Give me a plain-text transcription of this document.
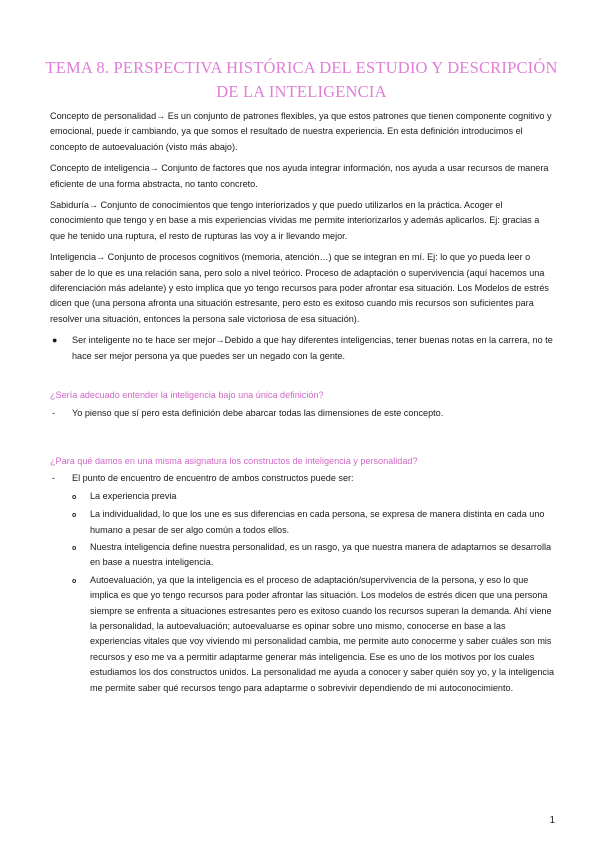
TEMA 8. PERSPECTIVA HISTÓRICA DEL ESTUDIO Y DESCRIPCIÓN DE LA INTELIGENCIA

Concepto de personalidad→ Es un conjunto de patrones flexibles, ya que estos patrones que tienen componente cognitivo y emocional, puede ir cambiando, ya que somos el resultado de nuestra experiencia. En esta definición introducimos el concepto de autoevaluación (visto más abajo).

Concepto de inteligencia→ Conjunto de factores que nos ayuda integrar información, nos ayuda a usar recursos de manera eficiente de una forma abstracta, no tanto concreto.

Sabiduría→ Conjunto de conocimientos que tengo interiorizados y que puedo utilizarlos en la práctica. Acoger el conocimiento que tengo y en base a mis experiencias vividas me permite interiorizarlos y además aplicarlos. Ej: gracias a que he tenido una ruptura, el resto de rupturas las voy a ir llevando mejor.

Inteligencia→ Conjunto de procesos cognitivos (memoria, atención…) que se integran en mí. Ej: lo que yo pueda leer o saber de lo que es una relación sana, pero solo a nivel teórico. Proceso de adaptación o supervivencia (aquí hacemos una diferenciación más adelante) y esto implica que yo tengo recursos para poder afrontar esa situación. Los Modelos de estrés dicen que (una persona afronta una situación estresante, pero esto es exitoso cuando mis recursos son suficientes para resolver una situación, entonces la persona sale victoriosa de esa situación).

●	Ser inteligente no te hace ser mejor→Debido a que hay diferentes inteligencias, tener buenas notas en la carrera, no te hace ser mejor persona ya que puedes ser un negado con la gente.

¿Sería adecuado entender la inteligencia bajo una única definición?

-	Yo pienso que sí pero esta definición debe abarcar todas las dimensiones de este concepto.

¿Para qué damos en una misma asignatura los constructos de inteligencia y personalidad?

-	El punto de encuentro de encuentro de ambos constructos puede ser:
o	La experiencia previa
o	La individualidad, lo que los une es sus diferencias en cada persona, se expresa de manera distinta en cada uno humano a pesar de ser algo común a todos ellos.
o	Nuestra inteligencia define nuestra personalidad, es un rasgo, ya que nuestra manera de adaptarnos se desarrolla en base a nuestra inteligencia.
o	Autoevaluación, ya que la inteligencia es el proceso de adaptación/supervivencia de la persona, y eso lo que implica es que yo tengo recursos para poder afrontar las situación. Los modelos de estrés dicen que una persona siempre se enfrenta a situaciones estresantes pero es exitoso cuando los recursos superan la demanda. Ahí viene la personalidad, la autoevaluación; autoevaluarse es opinar sobre uno mismo, conocerse en base a las experiencias vitales que voy viviendo mi personalidad cambia, me permite auto conocerme y saber cuáles son mis recursos y eso me va a permitir adaptarme generar más inteligencia. Ese es uno de los motivos por los cuales estudiamos los dos constructos unidos. La personalidad me ayuda a conocer y saber quién soy yo, y la inteligencia me permite saber qué recursos tengo para adaptarme o sobrevivir dependiendo de mi autoconocimiento.
1
